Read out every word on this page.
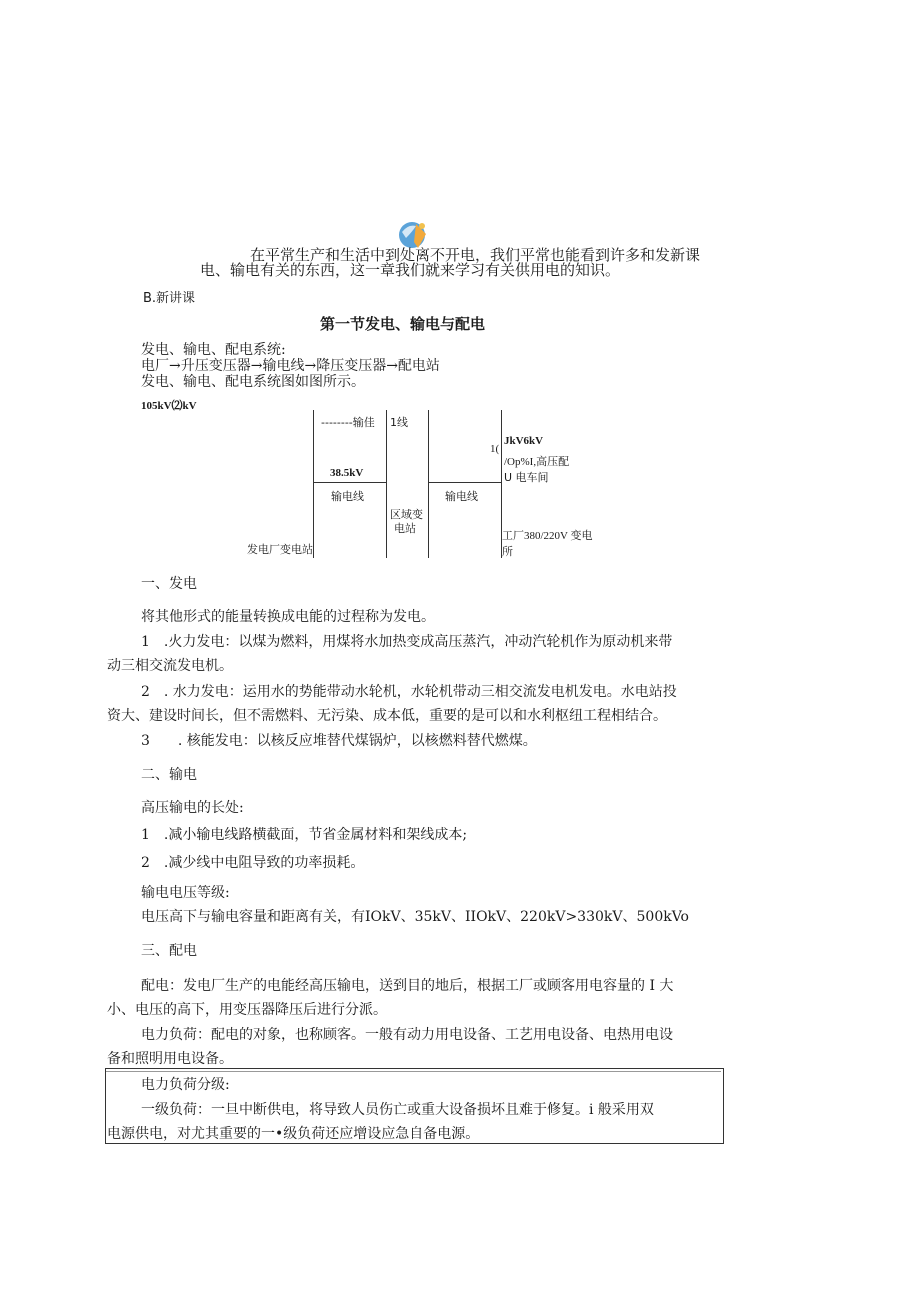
在平常生产和生活中到处离不开电，我们平常也能看到许多和发新课
电、输电有关的东西，这一章我们就来学习有关供用电的知识。
B.新讲课
第一节发电、输电与配电
发电、输电、配电系统:
电厂→升压变压器→输电线→降压变压器→配电站
发电、输电、配电系统图如图所示。
105kV⑵kV
--------输佳 1线
1(
JkV6kV
/Op%I,高压配
U 电车间
38.5kV
输电线	输电线
区域变
电站
工厂380/220V 变电
所
发电厂变电站
一、发电
将其他形式的能量转换成电能的过程称为发电。
1　.火力发电：以煤为燃料，用煤将水加热变成高压蒸汽，冲动汽轮机作为原动机来带
动三相交流发电机。
2　. 水力发电：运用水的势能带动水轮机，水轮机带动三相交流发电机发电。水电站投
资大、建设时间长，但不需燃料、无污染、成本低，重要的是可以和水利枢纽工程相结合。
3　　. 核能发电：以核反应堆替代煤锅炉，以核燃料替代燃煤。
二、输电
高压输电的长处:
1　.减小输电线路横截面，节省金属材料和架线成本;
2　.减少线中电阻导致的功率损耗。
输电电压等级:
电压高下与输电容量和距离有关，有IOkV、35kV、IIOkV、220kV>330kV、500kVo
三、配电
配电：发电厂生产的电能经高压输电，送到目的地后，根据工厂或顾客用电容量的 I 大
小、电压的高下，用变压器降压后进行分派。
电力负荷：配电的对象，也称顾客。一般有动力用电设备、工艺用电设备、电热用电设
备和照明用电设备。
电力负荷分级:
一级负荷：一旦中断供电，将导致人员伤亡或重大设备损坏且难于修复。i 般采用双
电源供电，对尤其重要的一•级负荷还应增设应急自备电源。
